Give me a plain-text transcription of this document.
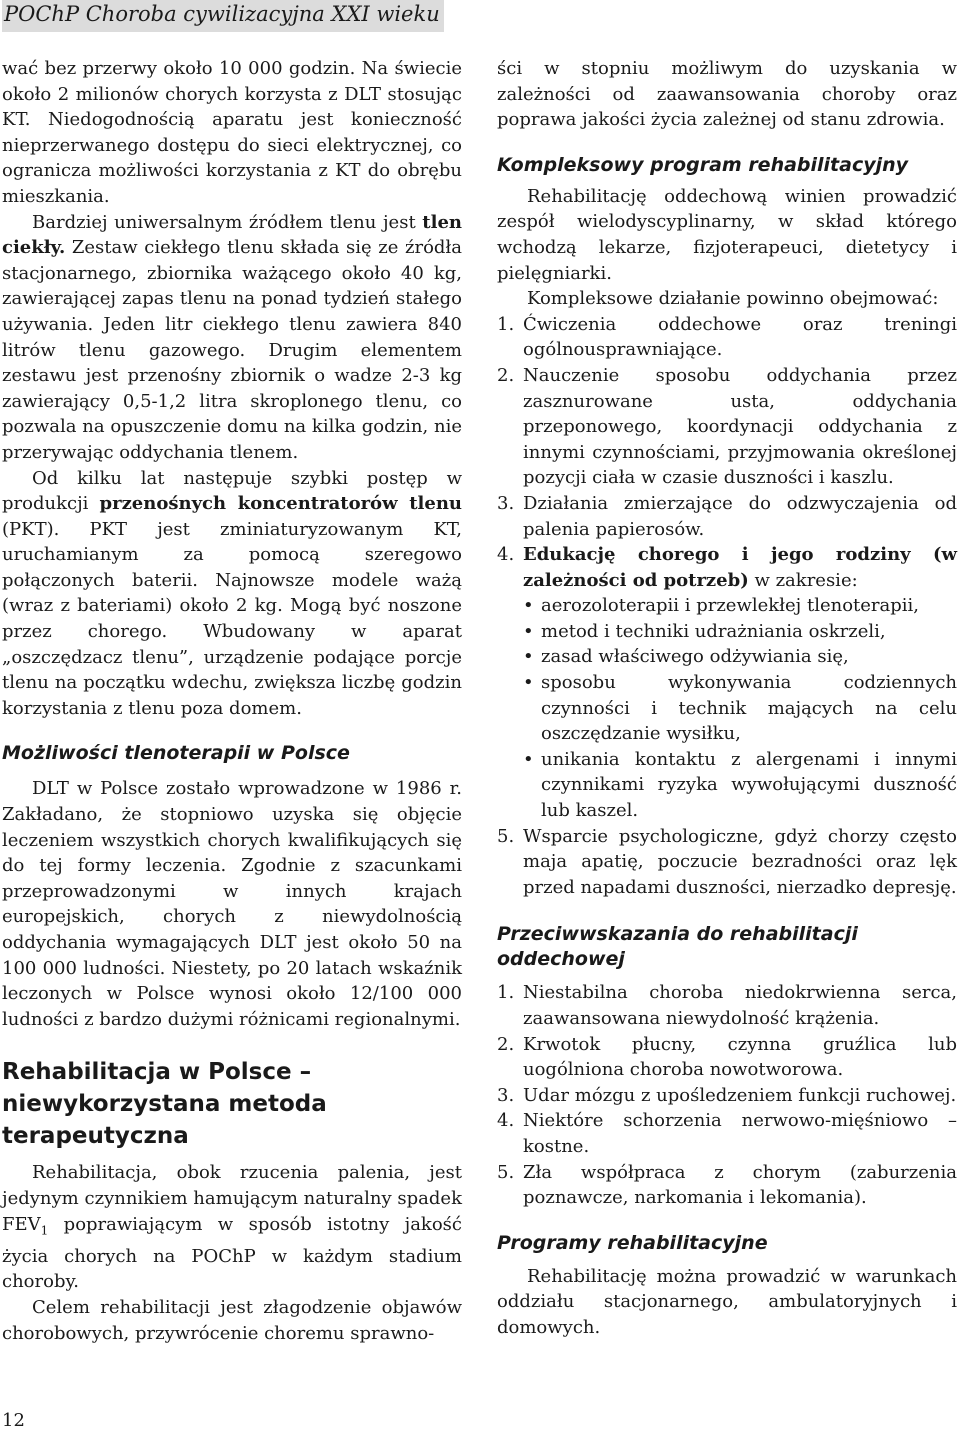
POChP Choroba cywilizacyjna XXI wieku

wać bez przerwy około 10 000 godzin. Na świecie około 2 milionów chorych korzysta z DLT stosując KT. Niedogodnością aparatu jest konieczność nieprzerwanego dostępu do sieci elektrycznej, co ogranicza możliwości korzystania z KT do obrębu mieszkania.

Bardziej uniwersalnym źródłem tlenu jest tlen ciekły. Zestaw ciekłego tlenu składa się ze źródła stacjonarnego, zbiornika ważącego około 40 kg, zawierającej zapas tlenu na ponad tydzień stałego używania. Jeden litr ciekłego tlenu zawiera 840 litrów tlenu gazowego. Drugim elementem zestawu jest przenośny zbiornik o wadze 2-3 kg zawierający 0,5-1,2 litra skroplonego tlenu, co pozwala na opuszczenie domu na kilka godzin, nie przerywając oddychania tlenem.

Od kilku lat następuje szybki postęp w produkcji przenośnych koncentratorów tlenu (PKT). PKT jest zminiaturyzowanym KT, uruchamianym za pomocą szeregowo połączonych baterii. Najnowsze modele ważą (wraz z bateriami) około 2 kg. Mogą być noszone przez chorego. Wbudowany w aparat „oszczędzacz tlenu”, urządzenie podające porcje tlenu na początku wdechu, zwiększa liczbę godzin korzystania z tlenu poza domem.

Możliwości tlenoterapii w Polsce

DLT w Polsce zostało wprowadzone w 1986 r. Zakładano, że stopniowo uzyska się objęcie leczeniem wszystkich chorych kwalifikujących się do tej formy leczenia. Zgodnie z szacunkami przeprowadzonymi w innych krajach europejskich, chorych z niewydolnością oddychania wymagających DLT jest około 50 na 100 000 ludności. Niestety, po 20 latach wskaźnik leczonych w Polsce wynosi około 12/100 000 ludności z bardzo dużymi różnicami regionalnymi.

Rehabilitacja w Polsce –
niewykorzystana metoda
terapeutyczna

Rehabilitacja, obok rzucenia palenia, jest jedynym czynnikiem hamującym naturalny spadek $FEV_1$ poprawiającym w sposób istotny jakość życia chorych na POChP w każdym stadium choroby.

Celem rehabilitacji jest złagodzenie objawów chorobowych, przywrócenie choremu sprawno-

ści w stopniu możliwym do uzyskania w zależności od zaawansowania choroby oraz poprawa jakości życia zależnej od stanu zdrowia.

Kompleksowy program rehabilitacyjny

Rehabilitację oddechową winien prowadzić zespół wielodyscyplinarny, w skład którego wchodzą lekarze, fizjoterapeuci, dietetycy i pielęgniarki.

Kompleksowe działanie powinno obejmować:

1. Ćwiczenia oddechowe oraz treningi ogólnousprawniające.
2. Nauczenie sposobu oddychania przez zasznurowane usta, oddychania przeponowego, koordynacji oddychania z innymi czynnościami, przyjmowania określonej pozycji ciała w czasie duszności i kaszlu.
3. Działania zmierzające do odzwyczajenia od palenia papierosów.
4. Edukację chorego i jego rodziny (w zależności od potrzeb) w zakresie:
• aerozoloterapii i przewlekłej tlenoterapii,
• metod i techniki udrażniania oskrzeli,
• zasad właściwego odżywiania się,
• sposobu wykonywania codziennych czynności i technik mających na celu oszczędzanie wysiłku,
• unikania kontaktu z alergenami i innymi czynnikami ryzyka wywołującymi duszność lub kaszel.
5. Wsparcie psychologiczne, gdyż chorzy często maja apatię, poczucie bezradności oraz lęk przed napadami duszności, nierzadko depresję.
Przeciwwskazania do rehabilitacji
oddechowej
1. Niestabilna choroba niedokrwienna serca, zaawansowana niewydolność krążenia.
2. Krwotok płucny, czynna gruźlica lub uogólniona choroba nowotworowa.
3. Udar mózgu z upośledzeniem funkcji ruchowej.
4. Niektóre schorzenia nerwowo-mięśniowo – kostne.
5. Zła współpraca z chorym (zaburzenia poznawcze, narkomania i lekomania).
Programy rehabilitacyjne

Rehabilitację można prowadzić w warunkach oddziału stacjonarnego, ambulatoryjnych i domowych.

12
